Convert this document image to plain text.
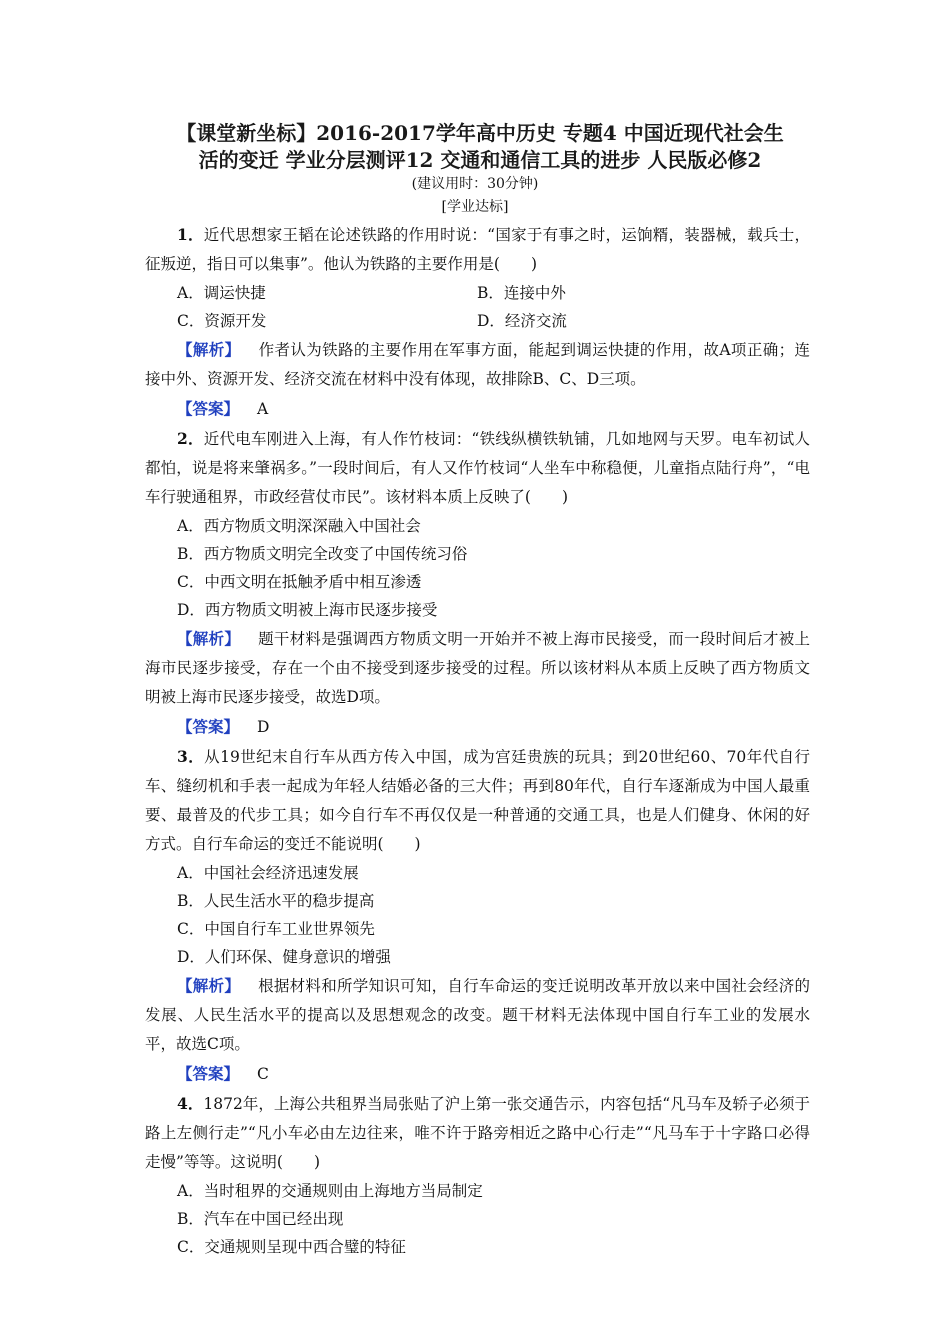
【课堂新坐标】2016-2017学年高中历史 专题4 中国近现代社会生
活的变迁 学业分层测评12 交通和通信工具的进步 人民版必修2
(建议用时：30分钟)
[学业达标]

1．近代思想家王韬在论述铁路的作用时说：“国家于有事之时，运饷糈，装器械，载兵士，征叛逆，指日可以集事”。他认为铁路的主要作用是(　　)

A．调运快捷	B．连接中外
C．资源开发	D．经济交流

【解析】 作者认为铁路的主要作用在军事方面，能起到调运快捷的作用，故A项正确；连接中外、资源开发、经济交流在材料中没有体现，故排除B、C、D三项。

【答案】 A

2．近代电车刚进入上海，有人作竹枝词：“铁线纵横铁轨铺，几如地网与天罗。电车初试人都怕，说是将来肇祸多。”一段时间后，有人又作竹枝词“人坐车中称稳便，儿童指点陆行舟”，“电车行驶通租界，市政经营仗市民”。该材料本质上反映了(　　)

A．西方物质文明深深融入中国社会

B．西方物质文明完全改变了中国传统习俗

C．中西文明在抵触矛盾中相互渗透

D．西方物质文明被上海市民逐步接受

【解析】 题干材料是强调西方物质文明一开始并不被上海市民接受，而一段时间后才被上海市民逐步接受，存在一个由不接受到逐步接受的过程。所以该材料从本质上反映了西方物质文明被上海市民逐步接受，故选D项。

【答案】 D

3．从19世纪末自行车从西方传入中国，成为宫廷贵族的玩具；到20世纪60、70年代自行车、缝纫机和手表一起成为年轻人结婚必备的三大件；再到80年代，自行车逐渐成为中国人最重要、最普及的代步工具；如今自行车不再仅仅是一种普通的交通工具，也是人们健身、休闲的好方式。自行车命运的变迁不能说明(　　)

A．中国社会经济迅速发展

B．人民生活水平的稳步提高

C．中国自行车工业世界领先

D．人们环保、健身意识的增强

【解析】 根据材料和所学知识可知，自行车命运的变迁说明改革开放以来中国社会经济的发展、人民生活水平的提高以及思想观念的改变。题干材料无法体现中国自行车工业的发展水平，故选C项。

【答案】 C

4．1872年，上海公共租界当局张贴了沪上第一张交通告示，内容包括“凡马车及轿子必须于路上左侧行走”“凡小车必由左边往来，唯不许于路旁相近之路中心行走”“凡马车于十字路口必得走慢”等等。这说明(　　)

A．当时租界的交通规则由上海地方当局制定

B．汽车在中国已经出现

C．交通规则呈现中西合璧的特征
